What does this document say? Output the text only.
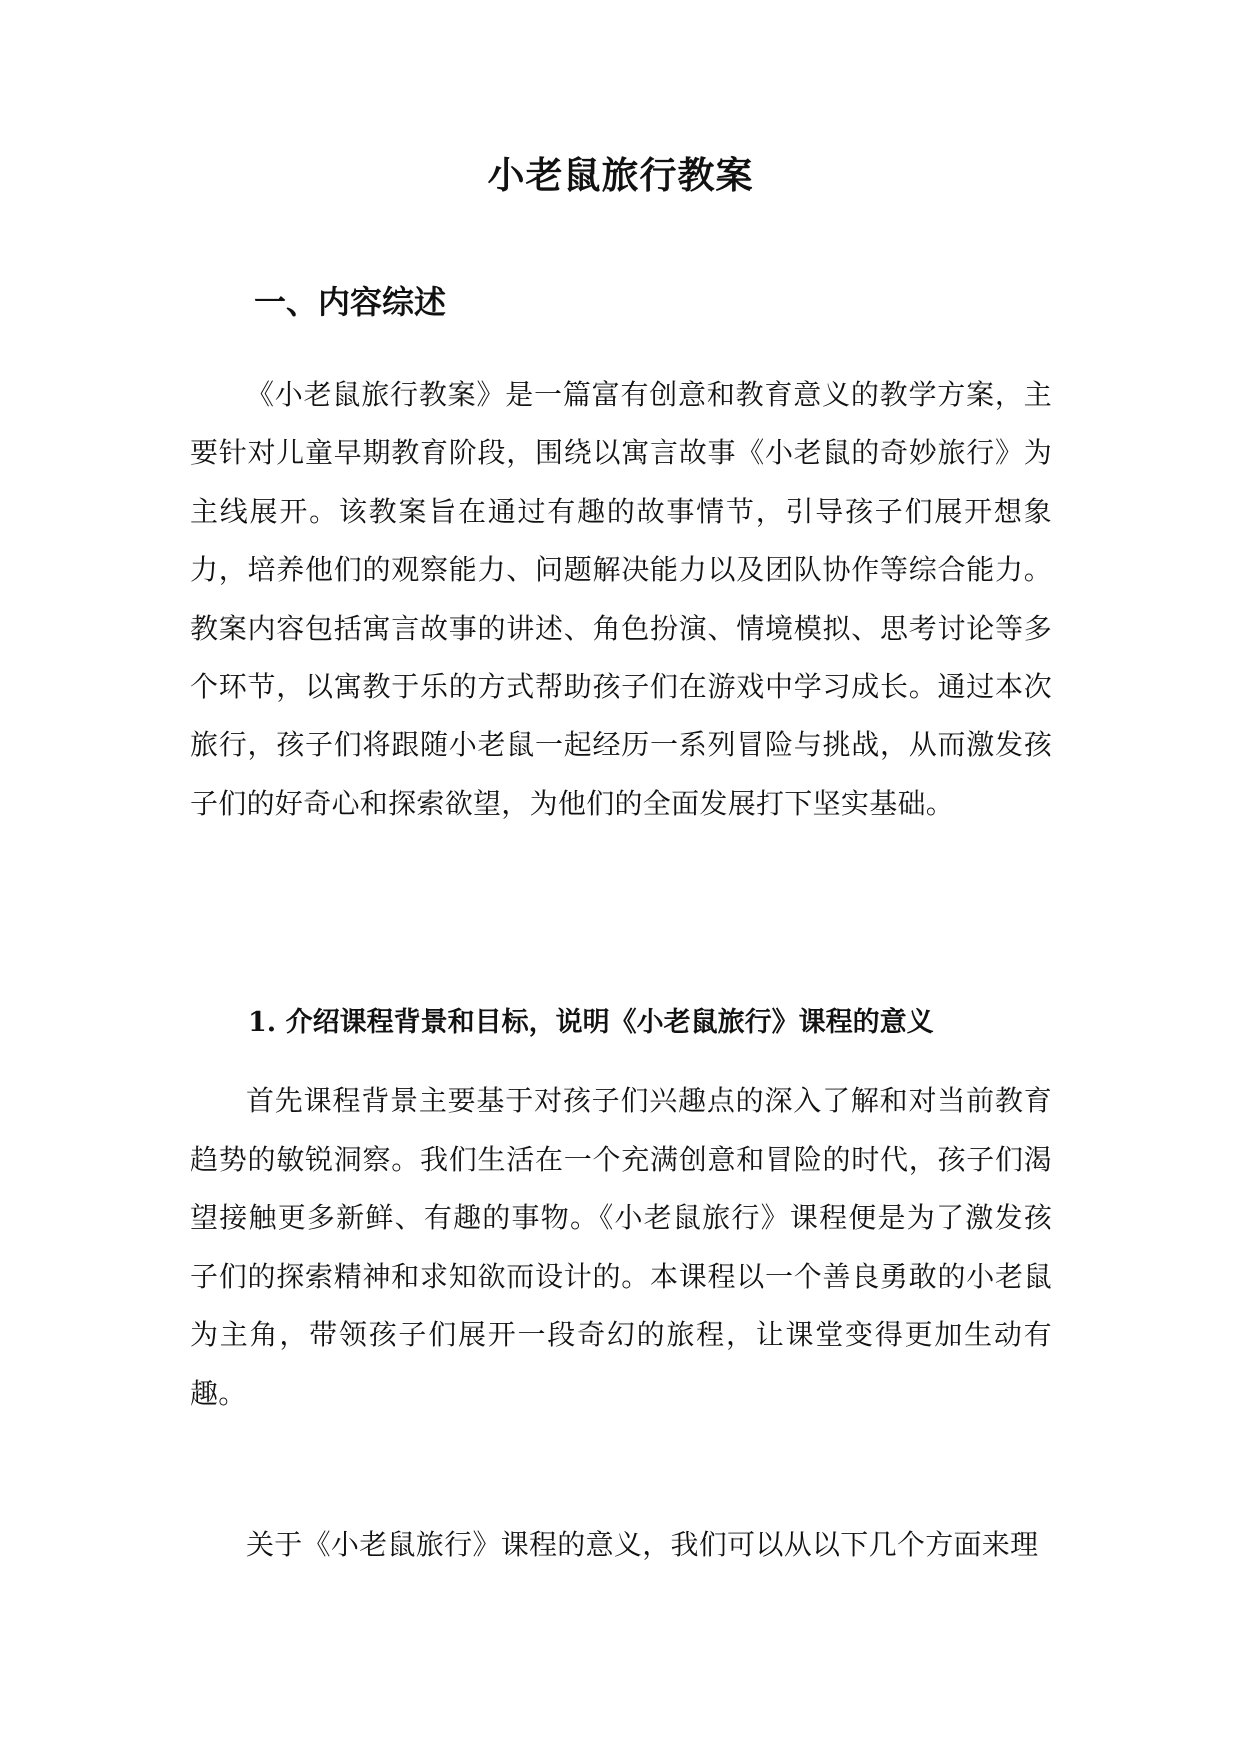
小老鼠旅行教案
一、内容综述

《小老鼠旅行教案》是一篇富有创意和教育意义的教学方案，主要针对儿童早期教育阶段，围绕以寓言故事《小老鼠的奇妙旅行》为主线展开。该教案旨在通过有趣的故事情节，引导孩子们展开想象力，培养他们的观察能力、问题解决能力以及团队协作等综合能力。教案内容包括寓言故事的讲述、角色扮演、情境模拟、思考讨论等多个环节，以寓教于乐的方式帮助孩子们在游戏中学习成长。通过本次旅行，孩子们将跟随小老鼠一起经历一系列冒险与挑战，从而激发孩子们的好奇心和探索欲望，为他们的全面发展打下坚实基础。

1. 介绍课程背景和目标，说明《小老鼠旅行》课程的意义

首先课程背景主要基于对孩子们兴趣点的深入了解和对当前教育趋势的敏锐洞察。我们生活在一个充满创意和冒险的时代，孩子们渴望接触更多新鲜、有趣的事物。《小老鼠旅行》课程便是为了激发孩子们的探索精神和求知欲而设计的。本课程以一个善良勇敢的小老鼠为主角，带领孩子们展开一段奇幻的旅程，让课堂变得更加生动有趣。

关于《小老鼠旅行》课程的意义，我们可以从以下几个方面来理
